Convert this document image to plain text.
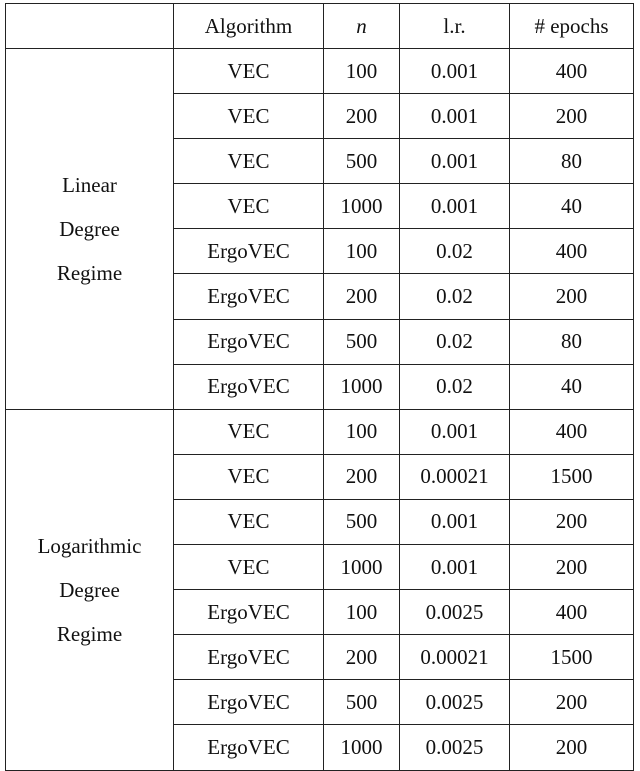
	Algorithm	n	l.r.	# epochs

Linear
Degree
Regime	VEC	100	0.001	400
	VEC	200	0.001	200
	VEC	500	0.001	80
	VEC	1000	0.001	40
	ErgoVEC	100	0.02	400
	ErgoVEC	200	0.02	200
	ErgoVEC	500	0.02	80
	ErgoVEC	1000	0.02	40

Logarithmic
Degree
Regime	VEC	100	0.001	400
	VEC	200	0.00021	1500
	VEC	500	0.001	200
	VEC	1000	0.001	200
	ErgoVEC	100	0.0025	400
	ErgoVEC	200	0.00021	1500
	ErgoVEC	500	0.0025	200
	ErgoVEC	1000	0.0025	200
